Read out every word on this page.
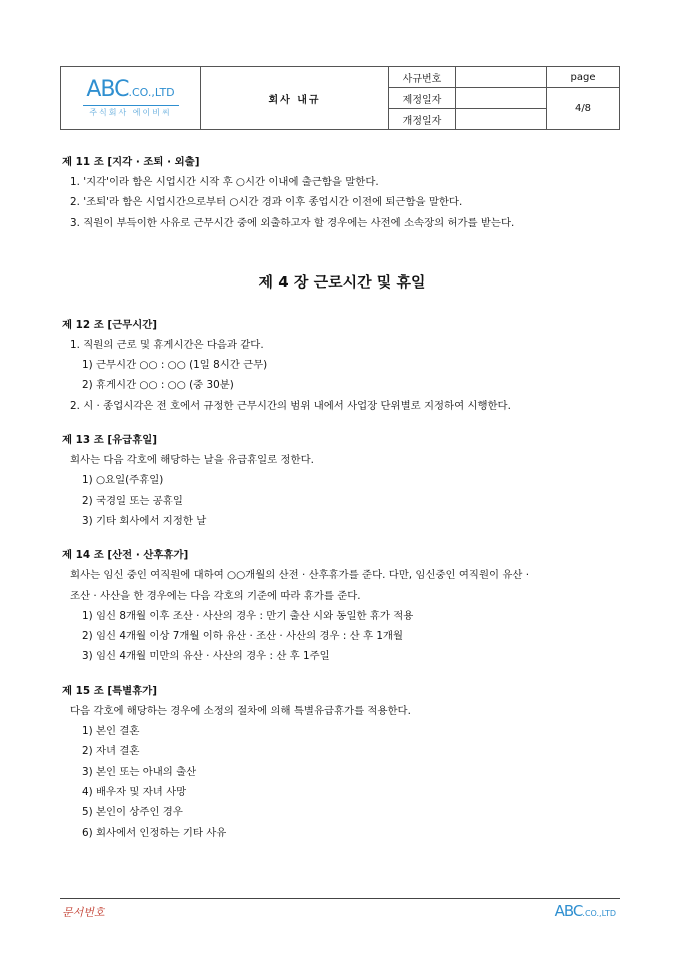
ABC.CO.,LTD
주식회사 에이비씨	회사 내규	사규번호		page
		제정일자		4/8
		개정일자		
제 11 조 [지각 · 조퇴 · 외출]
1. '지각'이라 함은 시업시간 시작 후 ○시간 이내에 출근함을 말한다.
2. '조퇴'라 함은 시업시간으로부터 ○시간 경과 이후 종업시간 이전에 퇴근함을 말한다.
3. 직원이 부득이한 사유로 근무시간 중에 외출하고자 할 경우에는 사전에 소속장의 허가를 받는다.
제 4 장 근로시간 및 휴일
제 12 조 [근무시간]
1. 직원의 근로 및 휴게시간은 다음과 같다.
1) 근무시간 ○○ : ○○ (1일 8시간 근무)
2) 휴게시간 ○○ : ○○ (중 30분)
2. 시 · 종업시각은 전 호에서 규정한 근무시간의 범위 내에서 사업장 단위별로 지정하여 시행한다.
제 13 조 [유급휴일]
회사는 다음 각호에 해당하는 날을 유급휴일로 정한다.
1) ○요일(주휴일)
2) 국경일 또는 공휴일
3) 기타 회사에서 지정한 날
제 14 조 [산전 · 산후휴가]
회사는 임신 중인 여직원에 대하여 ○○개월의 산전 · 산후휴가를 준다. 다만, 임신중인 여직원이 유산 ·
조산 · 사산을 한 경우에는 다음 각호의 기준에 따라 휴가를 준다.
1) 임신 8개월 이후 조산 · 사산의 경우 : 만기 출산 시와 동일한 휴가 적용
2) 임신 4개월 이상 7개월 이하 유산 · 조산 · 사산의 경우 : 산 후 1개월
3) 임신 4개월 미만의 유산 · 사산의 경우 : 산 후 1주일
제 15 조 [특별휴가]
다음 각호에 해당하는 경우에 소정의 절차에 의해 특별유급휴가를 적용한다.
1) 본인 결혼
2) 자녀 결혼
3) 본인 또는 아내의 출산
4) 배우자 및 자녀 사망
5) 본인이 상주인 경우
6) 회사에서 인정하는 기타 사유
문서번호	ABC.CO.,LTD
